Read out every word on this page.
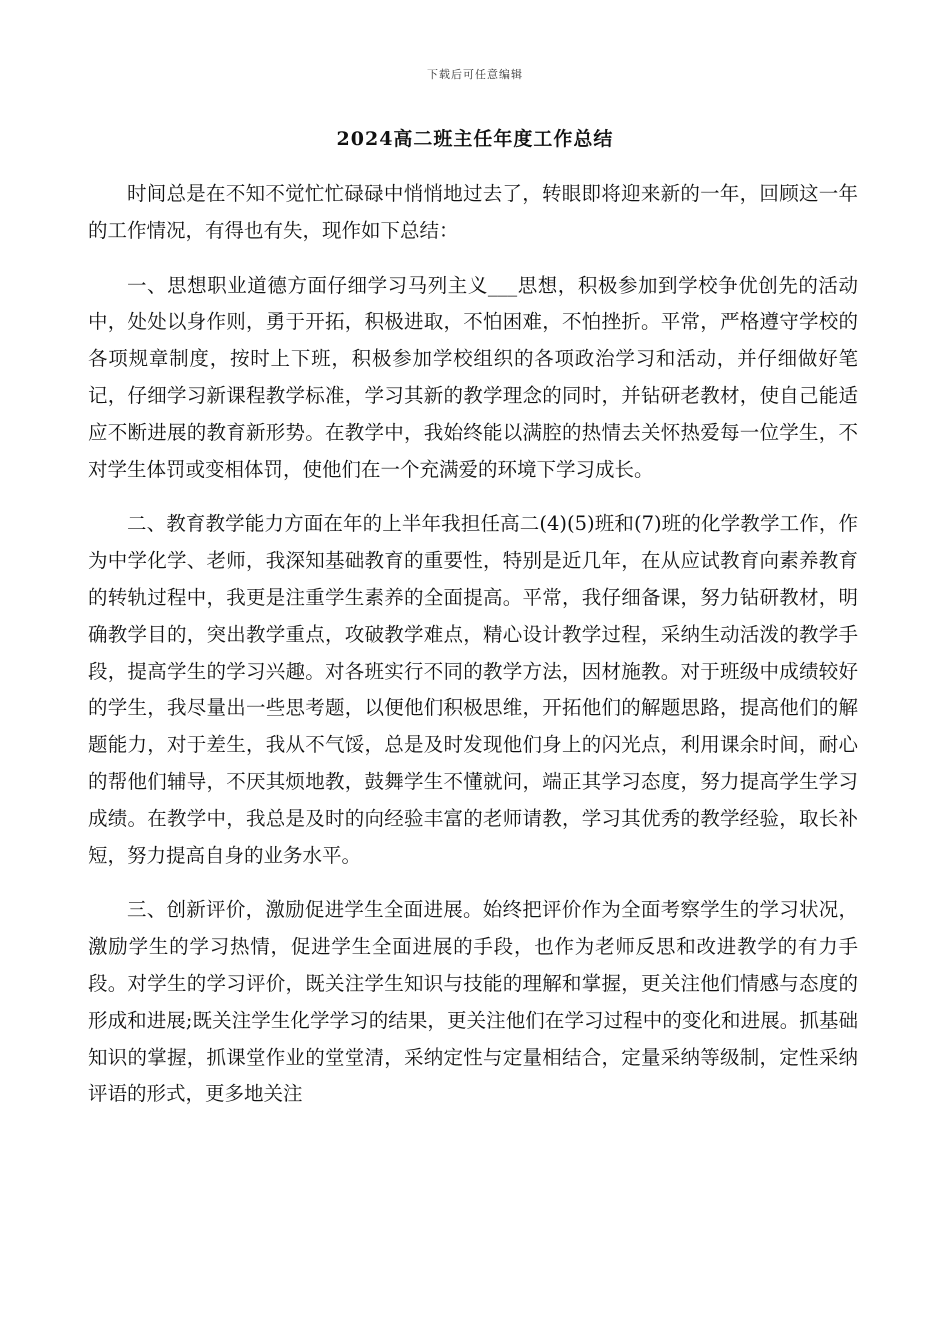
下载后可任意编辑
2024高二班主任年度工作总结

时间总是在不知不觉忙忙碌碌中悄悄地过去了，转眼即将迎来新的一年，回顾这一年的工作情况，有得也有失，现作如下总结：

一、思想职业道德方面仔细学习马列主义___思想，积极参加到学校争优创先的活动中，处处以身作则，勇于开拓，积极进取，不怕困难，不怕挫折。平常，严格遵守学校的各项规章制度，按时上下班，积极参加学校组织的各项政治学习和活动，并仔细做好笔记，仔细学习新课程教学标准，学习其新的教学理念的同时，并钻研老教材，使自己能适应不断进展的教育新形势。在教学中，我始终能以满腔的热情去关怀热爱每一位学生，不对学生体罚或变相体罚，使他们在一个充满爱的环境下学习成长。

二、教育教学能力方面在年的上半年我担任高二(4)(5)班和(7)班的化学教学工作，作为中学化学、老师，我深知基础教育的重要性，特别是近几年，在从应试教育向素养教育的转轨过程中，我更是注重学生素养的全面提高。平常，我仔细备课，努力钻研教材，明确教学目的，突出教学重点，攻破教学难点，精心设计教学过程，采纳生动活泼的教学手段，提高学生的学习兴趣。对各班实行不同的教学方法，因材施教。对于班级中成绩较好的学生，我尽量出一些思考题，以便他们积极思维，开拓他们的解题思路，提高他们的解题能力，对于差生，我从不气馁，总是及时发现他们身上的闪光点，利用课余时间，耐心的帮他们辅导，不厌其烦地教，鼓舞学生不懂就问，端正其学习态度，努力提高学生学习成绩。在教学中，我总是及时的向经验丰富的老师请教，学习其优秀的教学经验，取长补短，努力提高自身的业务水平。

三、创新评价，激励促进学生全面进展。始终把评价作为全面考察学生的学习状况，激励学生的学习热情，促进学生全面进展的手段，也作为老师反思和改进教学的有力手段。对学生的学习评价，既关注学生知识与技能的理解和掌握，更关注他们情感与态度的形成和进展;既关注学生化学学习的结果，更关注他们在学习过程中的变化和进展。抓基础知识的掌握，抓课堂作业的堂堂清，采纳定性与定量相结合，定量采纳等级制，定性采纳评语的形式，更多地关注
